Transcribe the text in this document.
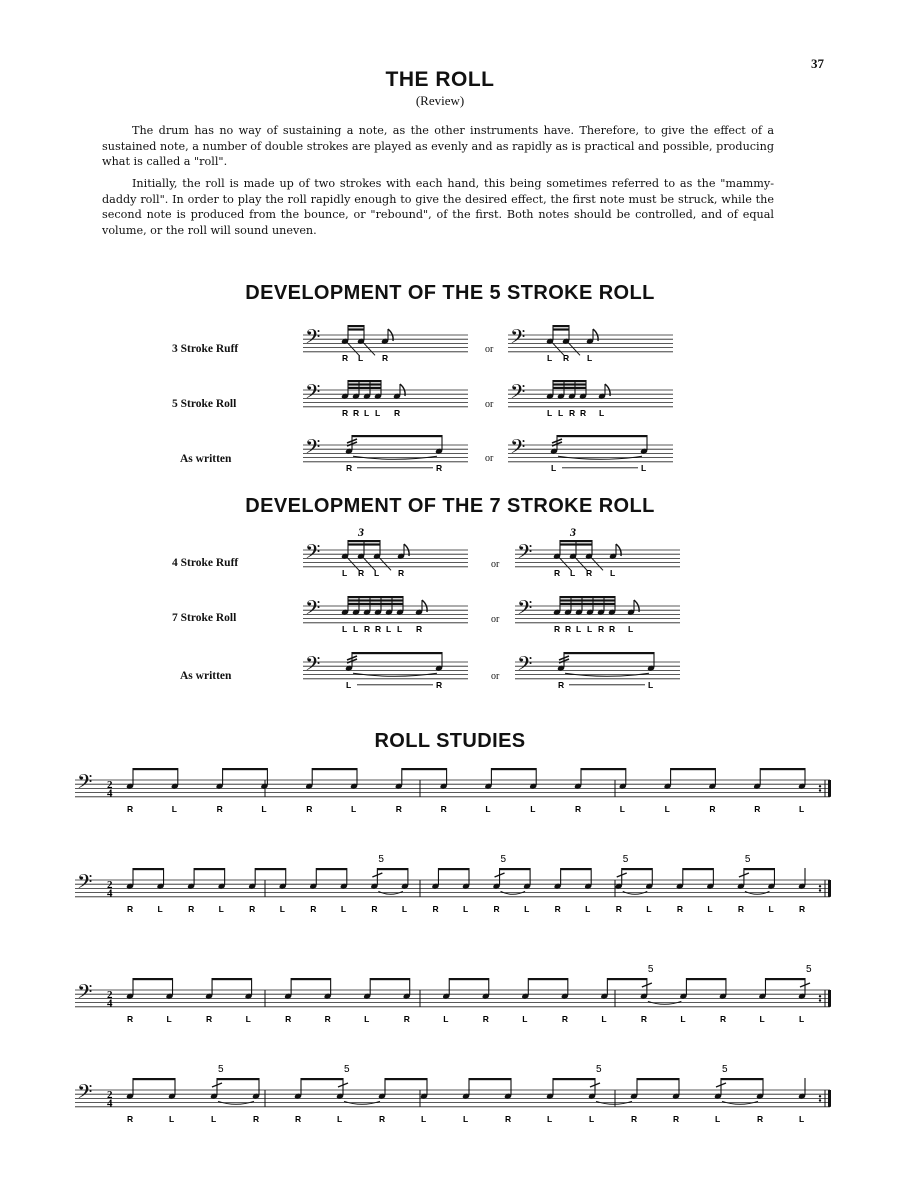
37
THE ROLL
(Review)
The drum has no way of sustaining a note, as the other instruments have. Therefore, to give the effect of a sustained note, a number of double strokes are played as evenly and as rapidly as is practical and possible, producing what is called a "roll".
Initially, the roll is made up of two strokes with each hand, this being sometimes referred to as the "mammy-daddy roll". In order to play the roll rapidly enough to give the desired effect, the first note must be struck, while the second note is produced from the bounce, or "rebound", of the first. Both notes should be controlled, and of equal volume, or the roll will sound uneven.
DEVELOPMENT OF THE 5 STROKE ROLL
3 Stroke Ruff
5 Stroke Roll
As written
or
or
or
DEVELOPMENT OF THE 7 STROKE ROLL
4 Stroke Ruff
7 Stroke Roll
As written
or
or
or
ROLL STUDIES
𝄢
R L R
𝄢
L R L
𝄢
R R L L R
𝄢
L L R R L
𝄢
R	R
𝄢
L	L
𝄢
3
L R L R
𝄢
3
R L R L
𝄢
L L R R L L R
𝄢
R R L L R R L
𝄢
L	R
𝄢
R	L
𝄢 2
4
R	L	R	L	R	L	R	R	L	L	R	L	L	R	R	L
𝄢 2
4
R	L	R	L	R	L	R	L	R	L	R	L	R	L	R	L	R	L	R	L	R	L	R
5	5	5	5
𝄢 2
4
R	L	R	L	R	R	L	R	L	R	L	R	L	R	L	R	L	L
5	5
𝄢 2
4
R	L	L	R	R	L	R	L	L	R	L	L	R	R	L	R	L
5	5	5	5
